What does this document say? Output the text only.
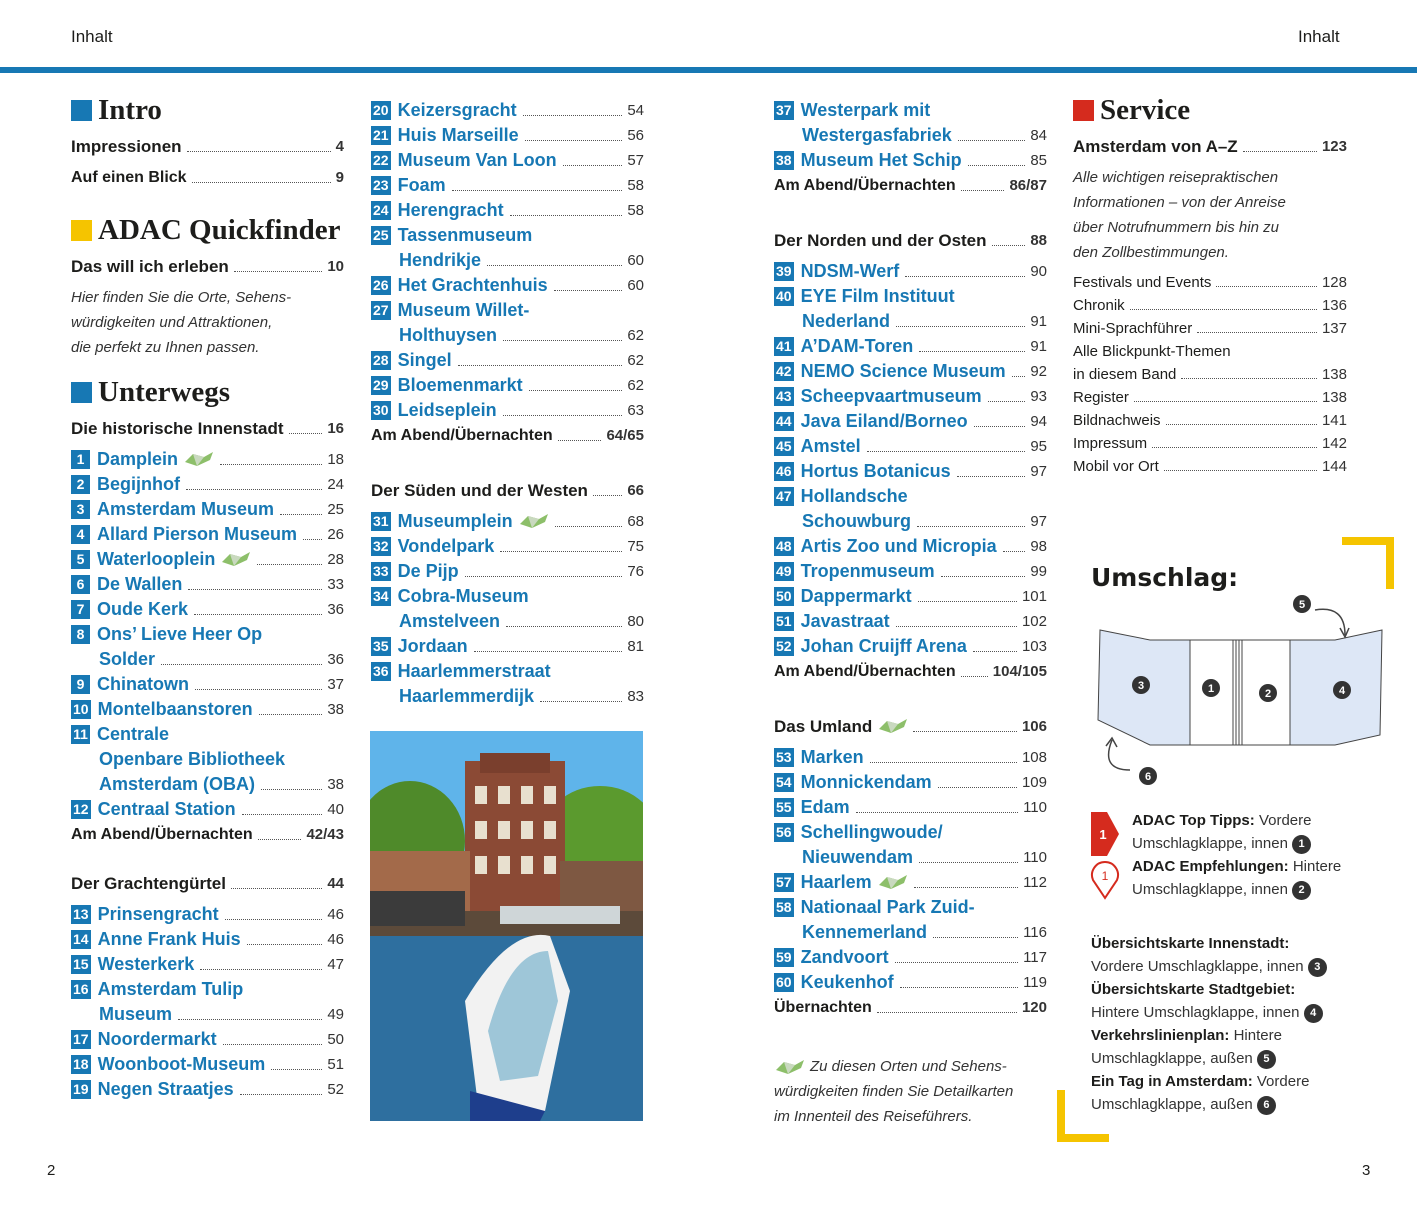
Inhalt	Inhalt
2	3
Intro
Impressionen	4
Auf einen Blick	9
ADAC Quickfinder
Das will ich erleben	10
Hier finden Sie die Orte, Sehens-
würdigkeiten und Attraktionen,
die perfekt zu Ihnen passen.
Unterwegs
Die historische Innenstadt	16
1 Damplein	18
2 Begijnhof	24
3 Amsterdam Museum	25
4 Allard Pierson Museum 26
5 Waterlooplein	28
6 De Wallen	33
7 Oude Kerk	36
8 Ons’ Lieve Heer Op
Solder	36
9 Chinatown	37
10 Montelbaanstoren	38
11 Centrale
Openbare Bibliotheek
Amsterdam (OBA)	38
12 Centraal Station	40
Am Abend/Übernachten	42/43
Der Grachtengürtel	44
13 Prinsengracht	46
14 Anne Frank Huis	46
15 Westerkerk	47
16 Amsterdam Tulip
Museum	49
17 Noordermarkt	50
18 Woonboot-Museum	51
19 Negen Straatjes	52
20 Keizersgracht	54
21 Huis Marseille	56
22 Museum Van Loon	57
23 Foam	58
24 Herengracht	58
25 Tassenmuseum
Hendrikje	60
26 Het Grachtenhuis	60
27 Museum Willet-
Holthuysen	62
28 Singel	62
29 Bloemenmarkt	62
30 Leidseplein	63
Am Abend/Übernachten	64/65
Der Süden und der Westen	66
31 Museumplein	68
32 Vondelpark	75
33 De Pijp	76
34 Cobra-Museum
Amstelveen	80
35 Jordaan	81
36 Haarlemmerstraat
Haarlemmerdijk	83
37 Westerpark mit
Westergasfabriek	84
38 Museum Het Schip	85
Am Abend/Übernachten	86/87
Der Norden und der Osten	88
39 NDSM-Werf	90
40 EYE Film Instituut
Nederland	91
41 A’DAM-Toren	91
42 NEMO Science Museum 92
43 Scheepvaartmuseum	93
44 Java Eiland/Borneo	94
45 Amstel	95
46 Hortus Botanicus	97
47 Hollandsche
Schouwburg	97
48 Artis Zoo und Micropia 98
49 Tropenmuseum	99
50 Dappermarkt	101
51 Javastraat	102
52 Johan Cruijff Arena	103
Am Abend/Übernachten 104/105
Das Umland	106
53 Marken	108
54 Monnickendam	109
55 Edam	110
56 Schellingwoude/
Nieuwendam	110
57 Haarlem	112
58 Nationaal Park Zuid-
Kennemerland	116
59 Zandvoort	117
60 Keukenhof	119
Übernachten	120
Zu diesen Orten und Sehens-
würdigkeiten finden Sie Detailkarten
im Innenteil des Reiseführers.
Service
Amsterdam von A–Z	123
Alle wichtigen reisepraktischen
Informationen – von der Anreise
über Notrufnummern bis hin zu
den Zollbestimmungen.
Festivals und Events	128
Chronik	136
Mini-Sprachführer	137
Alle Blickpunkt-Themen
in diesem Band	138
Register	138
Bildnachweis	141
Impressum	142
Mobil vor Ort	144
Umschlag:
3	1	2	4
5
6
1
1
ADAC Top Tipps: Vordere
Umschlagklappe, innen 1
ADAC Empfehlungen: Hintere
Umschlagklappe, innen 2
Übersichtskarte Innenstadt:
Vordere Umschlagklappe, innen 3
Übersichtskarte Stadtgebiet:
Hintere Umschlagklappe, innen 4
Verkehrslinienplan: Hintere
Umschlagklappe, außen 5
Ein Tag in Amsterdam: Vordere
Umschlagklappe, außen 6
